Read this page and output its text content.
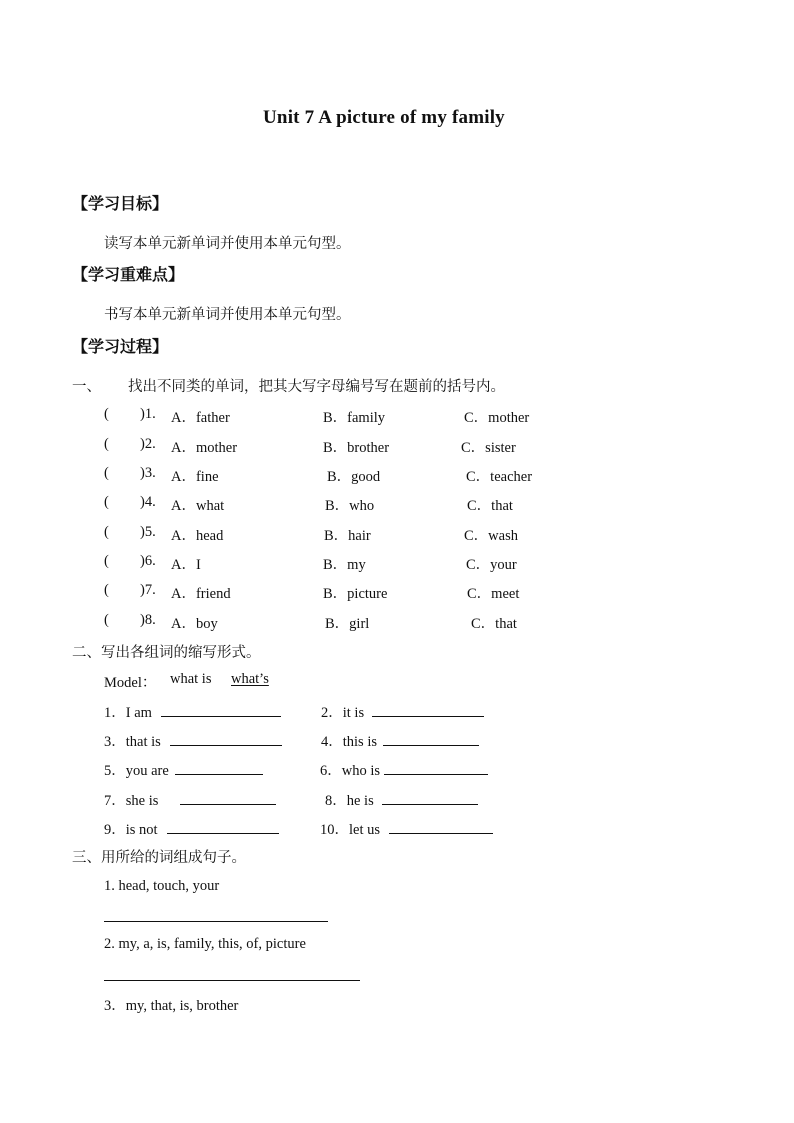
Unit 7 A picture of my family
【学习目标】
读写本单元新单词并使用本单元句型。
【学习重难点】
书写本单元新单词并使用本单元句型。
【学习过程】
一、 找出不同类的单词，把其大写字母编号写在题前的括号内。
( )1. A．father	B．family	C．mother
( )2. A．mother	B．brother	C．sister
( )3. A．fine	B．good	C．teacher
( )4. A．what	B．who	C．that
( )5. A．head	B．hair	C．wash
( )6. A．I	B．my	C．your
( )7. A．friend	B．picture	C．meet
( )8. A．boy	B．girl	C．that
二、写出各组词的缩写形式。
Model： what is what’s
1．I am	2．it is
3．that is	4．this is
5．you are	6．who is
7．she is	8．he is
9．is not	10．let us
三、用所给的词组成句子。
1. head, touch, your
2. my, a, is, family, this, of, picture
3．my, that, is, brother
